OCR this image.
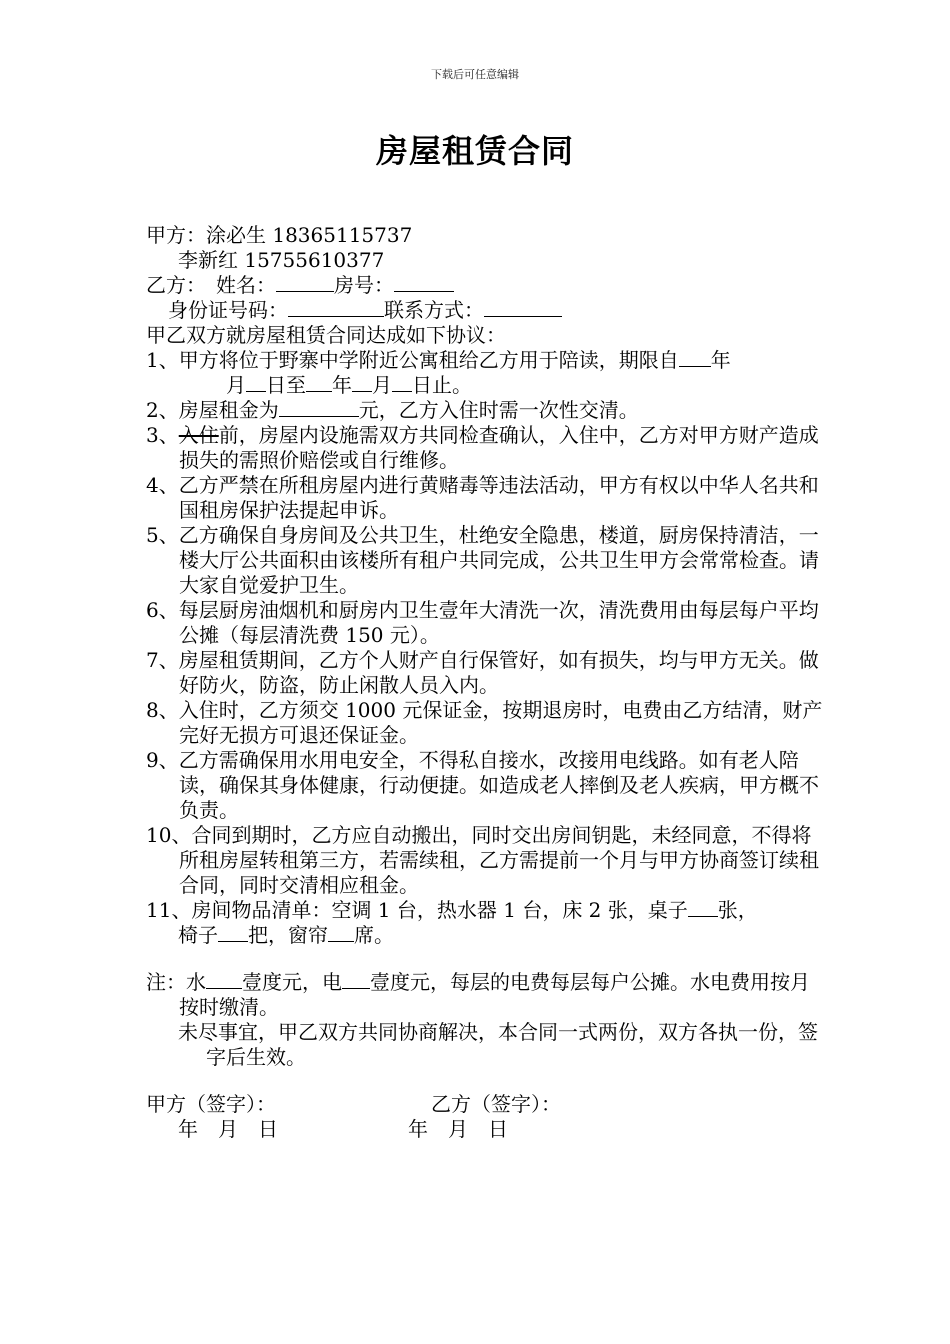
下载后可任意编辑
房屋租赁合同
甲方：涂必生 18365115737
李新红 15755610377
乙方：  姓名：	房号：
身份证号码：	联系方式：
甲乙双方就房屋租赁合同达成如下协议：
1、甲方将位于野寨中学附近公寓租给乙方用于陪读，期限自 年
月 日至 年 月 日止。
2、房屋租金为	元，乙方入住时需一次性交清。
3、入住前，房屋内设施需双方共同检查确认，入住中，乙方对甲方财产造成损失的需照价赔偿或自行维修。
4、乙方严禁在所租房屋内进行黄赌毒等违法活动，甲方有权以中华人名共和国租房保护法提起申诉。
5、乙方确保自身房间及公共卫生，杜绝安全隐患，楼道，厨房保持清洁，一楼大厅公共面积由该楼所有租户共同完成，公共卫生甲方会常常检查。请大家自觉爱护卫生。
6、每层厨房油烟机和厨房内卫生壹年大清洗一次，清洗费用由每层每户平均公摊（每层清洗费 150 元）。
7、房屋租赁期间，乙方个人财产自行保管好，如有损失，均与甲方无关。做好防火，防盗，防止闲散人员入内。
8、入住时，乙方须交 1000 元保证金，按期退房时，电费由乙方结清，财产完好无损方可退还保证金。
9、乙方需确保用水用电安全，不得私自接水，改接用电线路。如有老人陪读，确保其身体健康，行动便捷。如造成老人摔倒及老人疾病，甲方概不负责。
10、合同到期时，乙方应自动搬出，同时交出房间钥匙，未经同意，不得将所租房屋转租第三方，若需续租，乙方需提前一个月与甲方协商签订续租合同，同时交清相应租金。
11、房间物品清单：空调 1 台，热水器 1 台，床 2 张，桌子 张，
椅子 把，窗帘 席。
注：水 壹度元，电 壹度元，每层的电费每层每户公摊。水电费用按月按时缴清。
未尽事宜，甲乙双方共同协商解决，本合同一式两份，双方各执一份，签字后生效。
甲方（签字）：	乙方（签字）：
年　月　日	年　月　日
